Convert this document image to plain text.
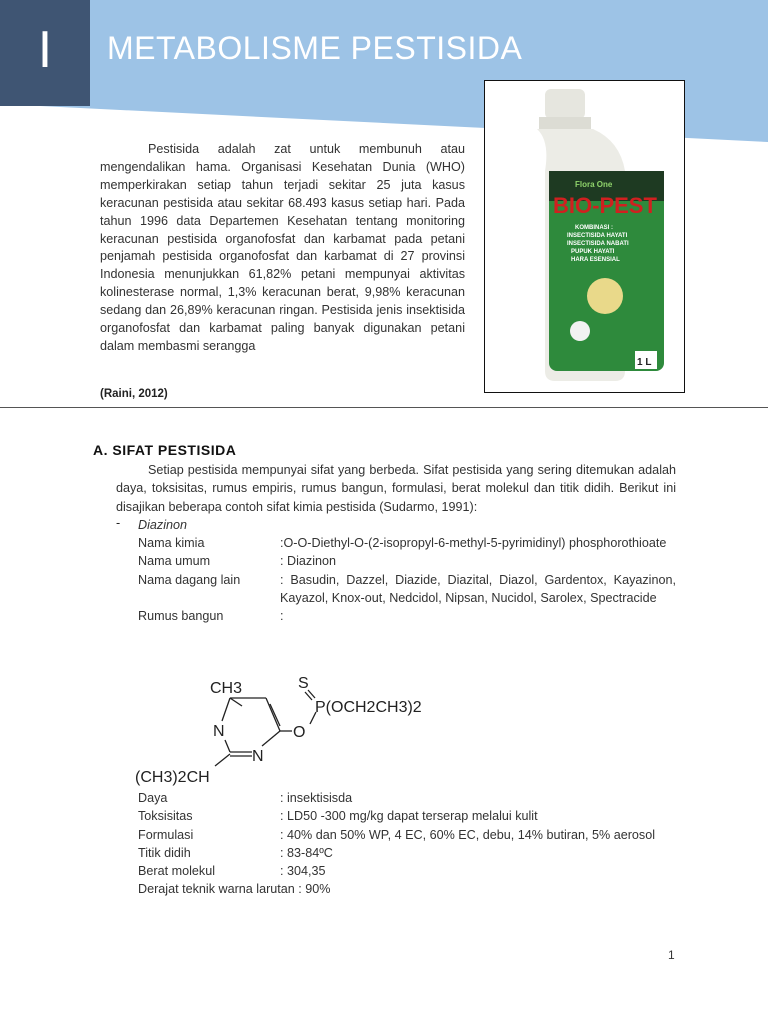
I	METABOLISME PESTISIDA
Flora One
BIO-PEST
KOMBINASI :
INSECTISIDA HAYATI
INSECTISIDA NABATI
PUPUK HAYATI
HARA ESENSIAL
1 L

Pestisida adalah zat untuk membunuh atau mengendalikan hama. Organisasi Kesehatan Dunia (WHO) memperkirakan setiap tahun terjadi sekitar 25 juta kasus keracunan pestisida atau sekitar 68.493 kasus setiap hari. Pada tahun 1996 data Departemen Kesehatan tentang monitoring keracunan pestisida organofosfat dan karbamat pada petani penjamah pestisida organofosfat dan karbamat di 27 provinsi Indonesia menunjukkan 61,82% petani mempunyai aktivitas kolinesterase normal, 1,3% keracunan berat, 9,98% keracunan sedang dan 26,89% keracunan ringan. Pestisida jenis insektisida organofosfat dan karbamat paling banyak digunakan petani dalam membasmi serangga

(Raini, 2012)
A. SIFAT PESTISIDA
Setiap pestisida mempunyai sifat yang berbeda. Sifat pestisida yang sering ditemukan adalah daya, toksisitas, rumus empiris, rumus bangun, formulasi, berat molekul dan titik didih. Berikut ini disajikan beberapa contoh sifat kimia pestisida (Sudarmo, 1991):
Diazinon
Nama kimia	:O-O-Diethyl-O-(2-isopropyl-6-methyl-5-pyrimidinyl) phosphorothioate
Nama umum	: Diazinon
Nama dagang lain	: Basudin, Dazzel, Diazide, Diazital, Diazol, Gardentox, Kayazinon, Kayazol, Knox-out, Nedcidol, Nipsan, Nucidol, Sarolex, Spectracide
Rumus bangun	:
-
CH3
N
N
O
S
P(OCH2CH3)2
(CH3)2CH
Daya	: insektisisda
Toksisitas	: LD50 -300 mg/kg dapat terserap melalui kulit
Formulasi	: 40% dan 50% WP, 4 EC, 60% EC, debu, 14% butiran, 5% aerosol
Titik didih	: 83-84ºC
Berat molekul	: 304,35
Derajat teknik warna larutan : 90%
1
